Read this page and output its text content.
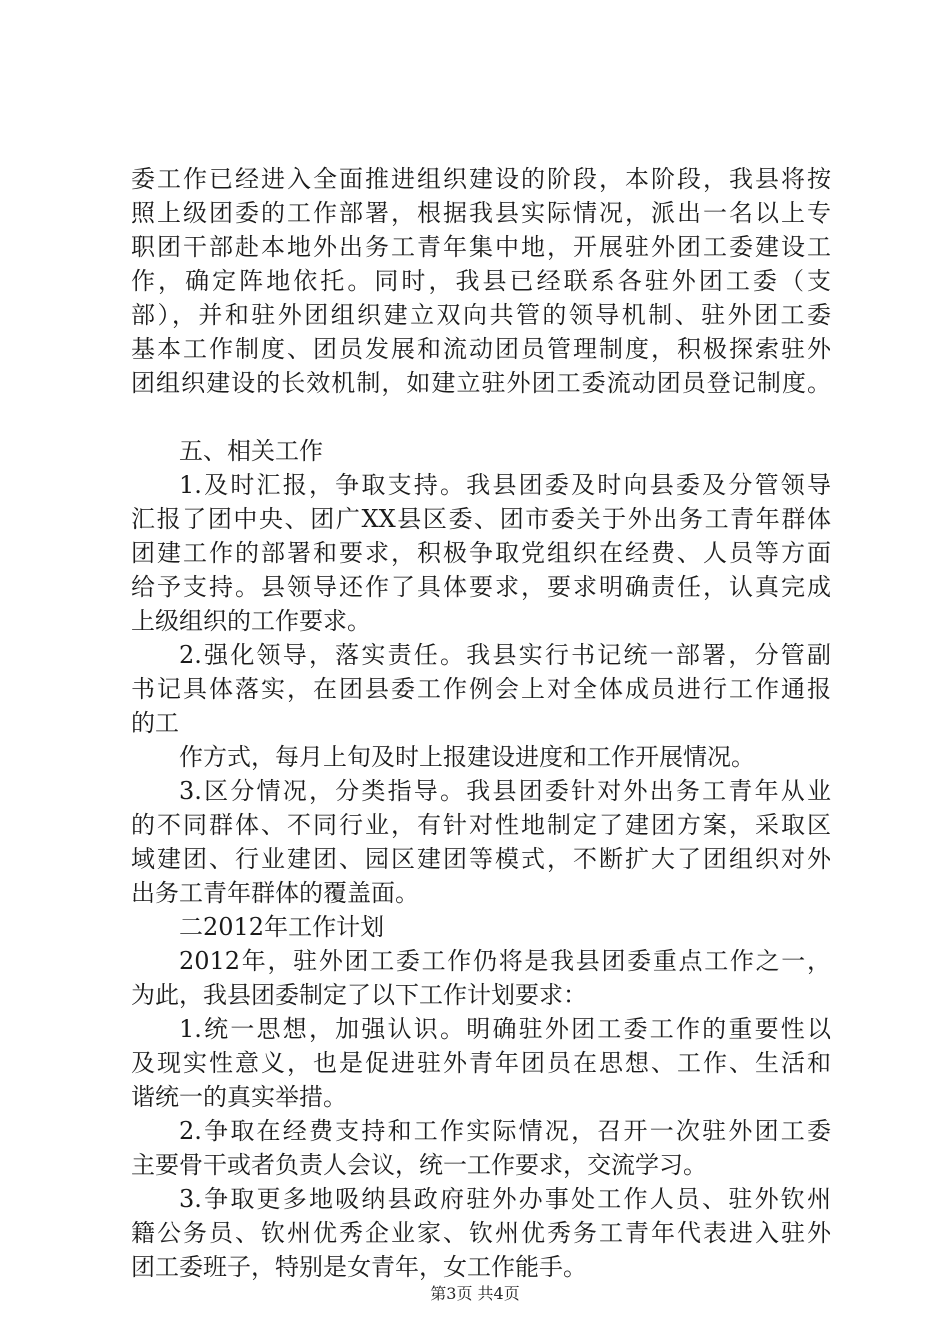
委工作已经进入全面推进组织建设的阶段，本阶段，我县将按
照上级团委的工作部署，根据我县实际情况，派出一名以上专
职团干部赴本地外出务工青年集中地，开展驻外团工委建设工
作，确定阵地依托。同时，我县已经联系各驻外团工委（支
部），并和驻外团组织建立双向共管的领导机制、驻外团工委
基本工作制度、团员发展和流动团员管理制度，积极探索驻外
团组织建设的长效机制，如建立驻外团工委流动团员登记制度。
五、相关工作
1.及时汇报，争取支持。我县团委及时向县委及分管领导
汇报了团中央、团广XX县区委、团市委关于外出务工青年群体
团建工作的部署和要求，积极争取党组织在经费、人员等方面
给予支持。县领导还作了具体要求，要求明确责任，认真完成
上级组织的工作要求。
2.强化领导，落实责任。我县实行书记统一部署，分管副
书记具体落实，在团县委工作例会上对全体成员进行工作通报
的工
作方式，每月上旬及时上报建设进度和工作开展情况。
3.区分情况，分类指导。我县团委针对外出务工青年从业
的不同群体、不同行业，有针对性地制定了建团方案，采取区
域建团、行业建团、园区建团等模式，不断扩大了团组织对外
出务工青年群体的覆盖面。
二2012年工作计划
2012年，驻外团工委工作仍将是我县团委重点工作之一，
为此，我县团委制定了以下工作计划要求：
1.统一思想，加强认识。明确驻外团工委工作的重要性以
及现实性意义，也是促进驻外青年团员在思想、工作、生活和
谐统一的真实举措。
2.争取在经费支持和工作实际情况，召开一次驻外团工委
主要骨干或者负责人会议，统一工作要求，交流学习。
3.争取更多地吸纳县政府驻外办事处工作人员、驻外钦州
籍公务员、钦州优秀企业家、钦州优秀务工青年代表进入驻外
团工委班子，特别是女青年，女工作能手。
第3页 共4页
